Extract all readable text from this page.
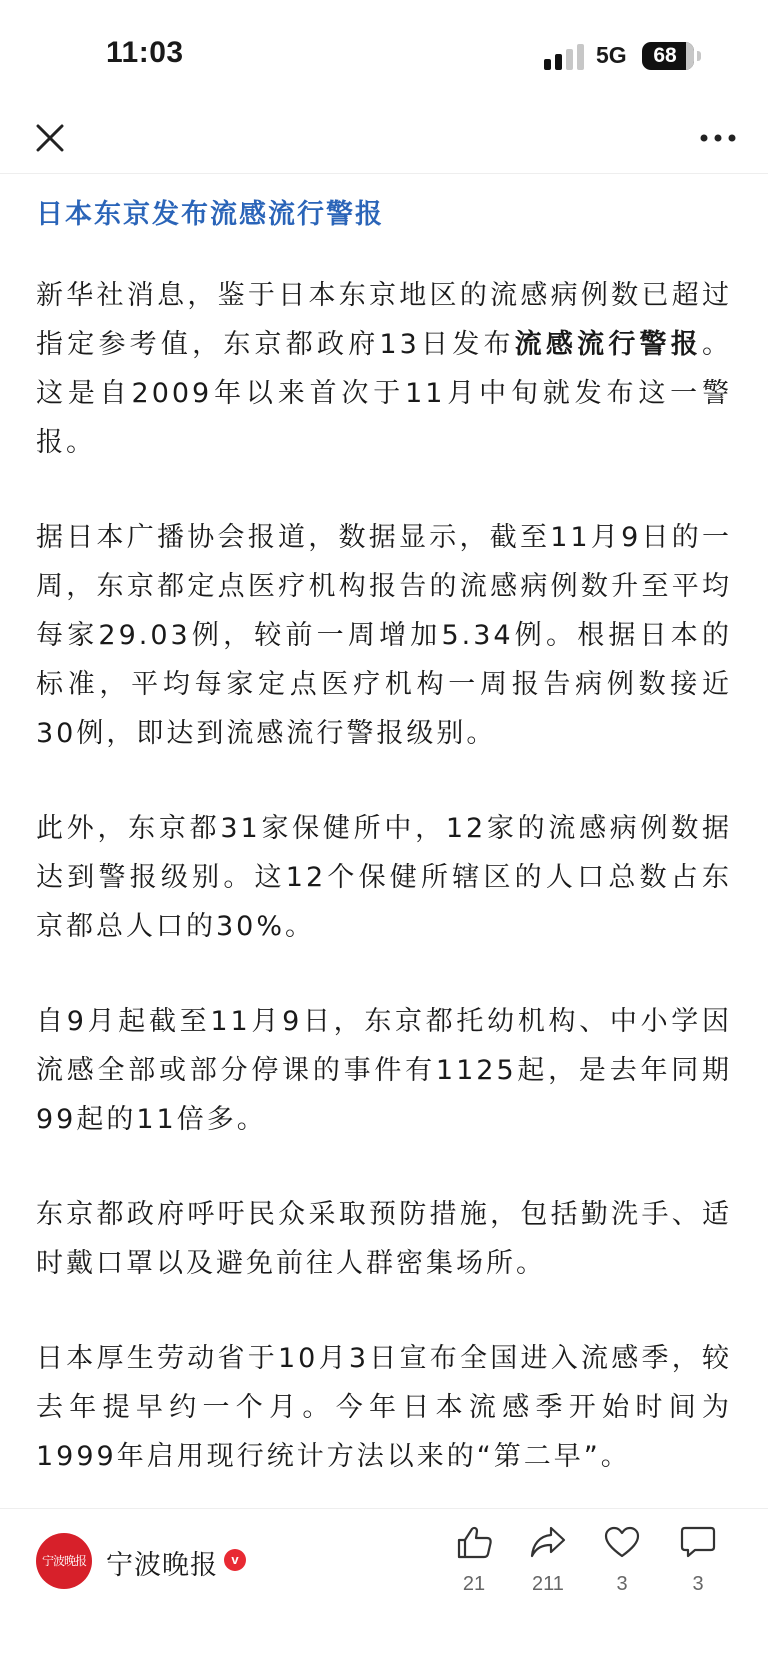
11:03	5G	68
日本东京发布流感流行警报

新华社消息，鉴于日本东京地区的流感病例数已超过指定参考值，东京都政府13日发布流感流行警报。这是自2009年以来首次于11月中旬就发布这一警报。

据日本广播协会报道，数据显示，截至11月9日的一周，东京都定点医疗机构报告的流感病例数升至平均每家29.03例，较前一周增加5.34例。根据日本的标准，平均每家定点医疗机构一周报告病例数接近30例，即达到流感流行警报级别。

此外，东京都31家保健所中，12家的流感病例数据达到警报级别。这12个保健所辖区的人口总数占东京都总人口的30%。

自9月起截至11月9日，东京都托幼机构、中小学因流感全部或部分停课的事件有1125起，是去年同期99起的11倍多。

东京都政府呼吁民众采取预防措施，包括勤洗手、适时戴口罩以及避免前往人群密集场所。

日本厚生劳动省于10月3日宣布全国进入流感季，较去年提早约一个月。今年日本流感季开始时间为1999年启用现行统计方法以来的“第二早”。

宁波晚报 宁波晚报	v
21	211	3	3
